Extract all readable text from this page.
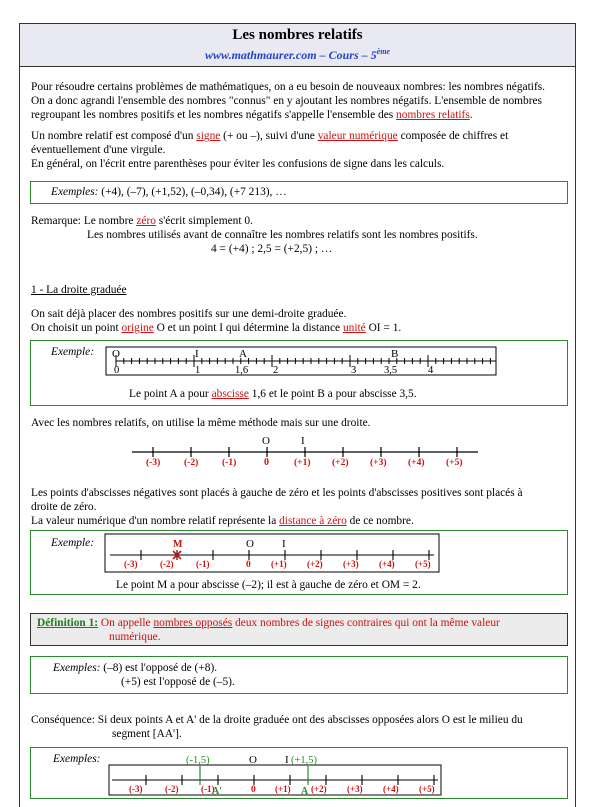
Les nombres relatifs
www.mathmaurer.com – Cours – 5ème
Pour résoudre certains problèmes de mathématiques, on a eu besoin de nouveaux nombres: les nombres négatifs.
On a donc agrandi l'ensemble des nombres "connus" en y ajoutant les nombres négatifs. L'ensemble de nombres
regroupant les nombres positifs et les nombres négatifs s'appelle l'ensemble des nombres relatifs.
Un nombre relatif est composé d'un signe (+ ou –), suivi d'une valeur numérique composée de chiffres et
éventuellement d'une virgule.
En général, on l'écrit entre parenthèses pour éviter les confusions de signe dans les calculs.
Exemples: (+4), (–7), (+1,52), (–0,34), (+7 213), …
Remarque: Le nombre zéro s'écrit simplement 0.
Les nombres utilisés avant de connaître les nombres relatifs sont les nombres positifs.
4 = (+4) ; 2,5 = (+2,5) ; …
1 - La droite graduée
On sait déjà placer des nombres positifs sur une demi-droite graduée.
On choisit un point origine O et un point I qui détermine la distance unité OI = 1.
Exemple: O	I	A	B
0	1	1,6 2	3	3,5	4
Le point A a pour abscisse 1,6 et le point B a pour abscisse 3,5.
Avec les nombres relatifs, on utilise la même méthode mais sur une droite.
O	I
(-3)	(-2)	(-1)	0	(+1) (+2) (+3) (+4) (+5)
Les points d'abscisses négatives sont placés à gauche de zéro et les points d'abscisses positives sont placés à
droite de zéro.
La valeur numérique d'un nombre relatif représente la distance à zéro de ce nombre.
Exemple:	O	I
M
(-3)	(-2)	(-1)	0 (+1) (+2) (+3) (+4) (+5)
Le point M a pour abscisse (–2); il est à gauche de zéro et OM = 2.
Définition 1: On appelle nombres opposés deux nombres de signes contraires qui ont la même valeur
numérique.
Exemples: (–8) est l'opposé de (+8).
(+5) est l'opposé de (–5).
Conséquence: Si deux points A et A' de la droite graduée ont des abscisses opposées alors O est le milieu du
segment [AA'].
Exemples:	(-1,5)	(+1,5)
O	I
(-3)	(-2)	(-1)	0 (+1) (+2) (+3) (+4) (+5)
A'	A
